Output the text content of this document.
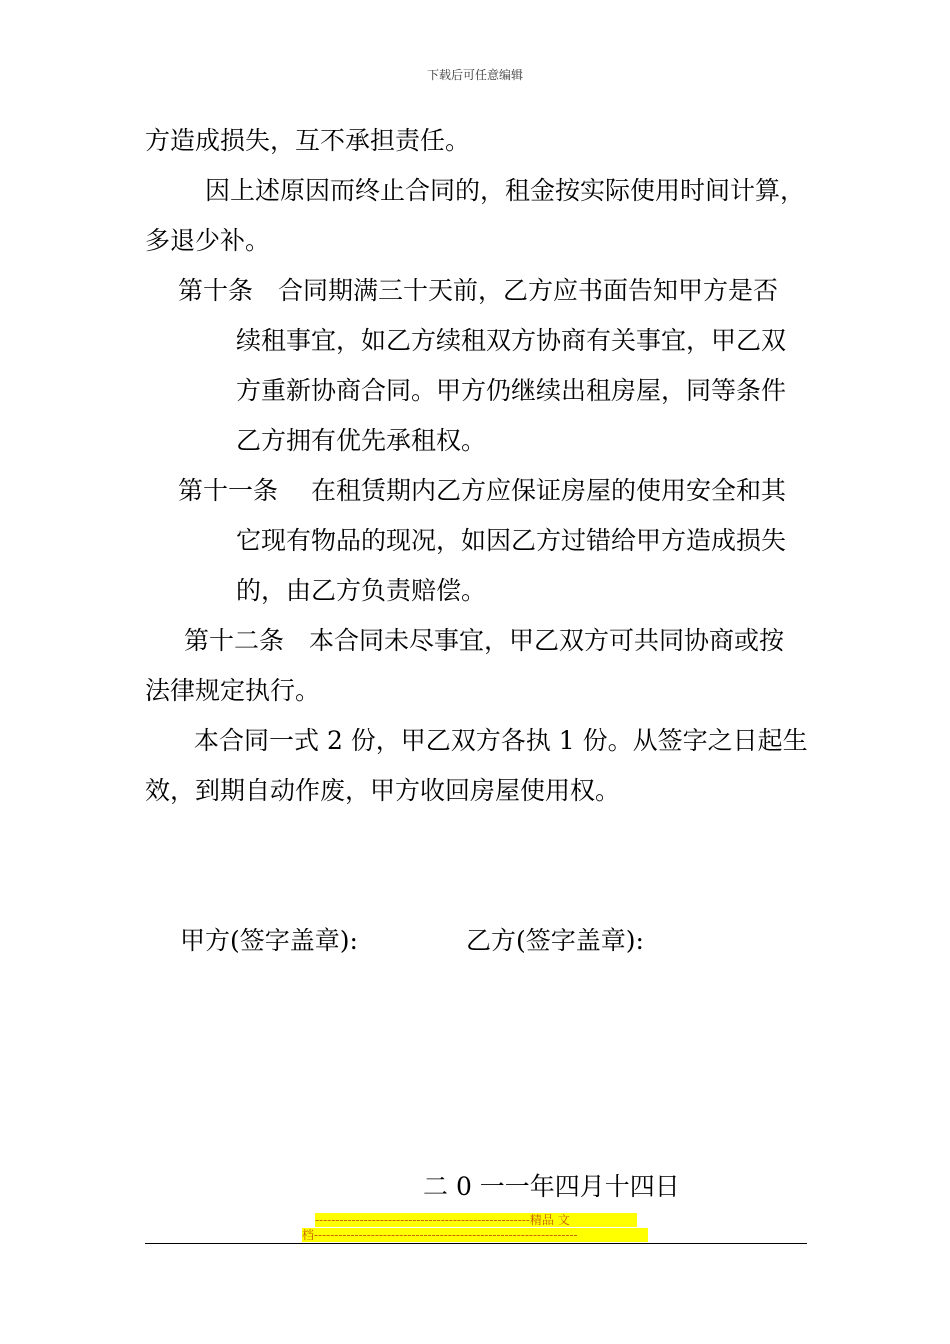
下载后可任意编辑
方造成损失，互不承担责任。
因上述原因而终止合同的，租金按实际使用时间计算，
多退少补。
第十条　合同期满三十天前，乙方应书面告知甲方是否
续租事宜，如乙方续租双方协商有关事宜，甲乙双
方重新协商合同。甲方仍继续出租房屋，同等条件
乙方拥有优先承租权。
第十一条　 在租赁期内乙方应保证房屋的使用安全和其
它现有物品的现况，如因乙方过错给甲方造成损失
的，由乙方负责赔偿。
第十二条　本合同未尽事宜，甲乙双方可共同协商或按
法律规定执行。
本合同一式 2 份，甲乙双方各执 1 份。从签字之日起生
效，到期自动作废，甲方收回房屋使用权。
甲方(签字盖章):	乙方(签字盖章):
二 0 一一年四月十四日
-----------------------------------------------------精品 文
档-----------------------------------------------------------------
